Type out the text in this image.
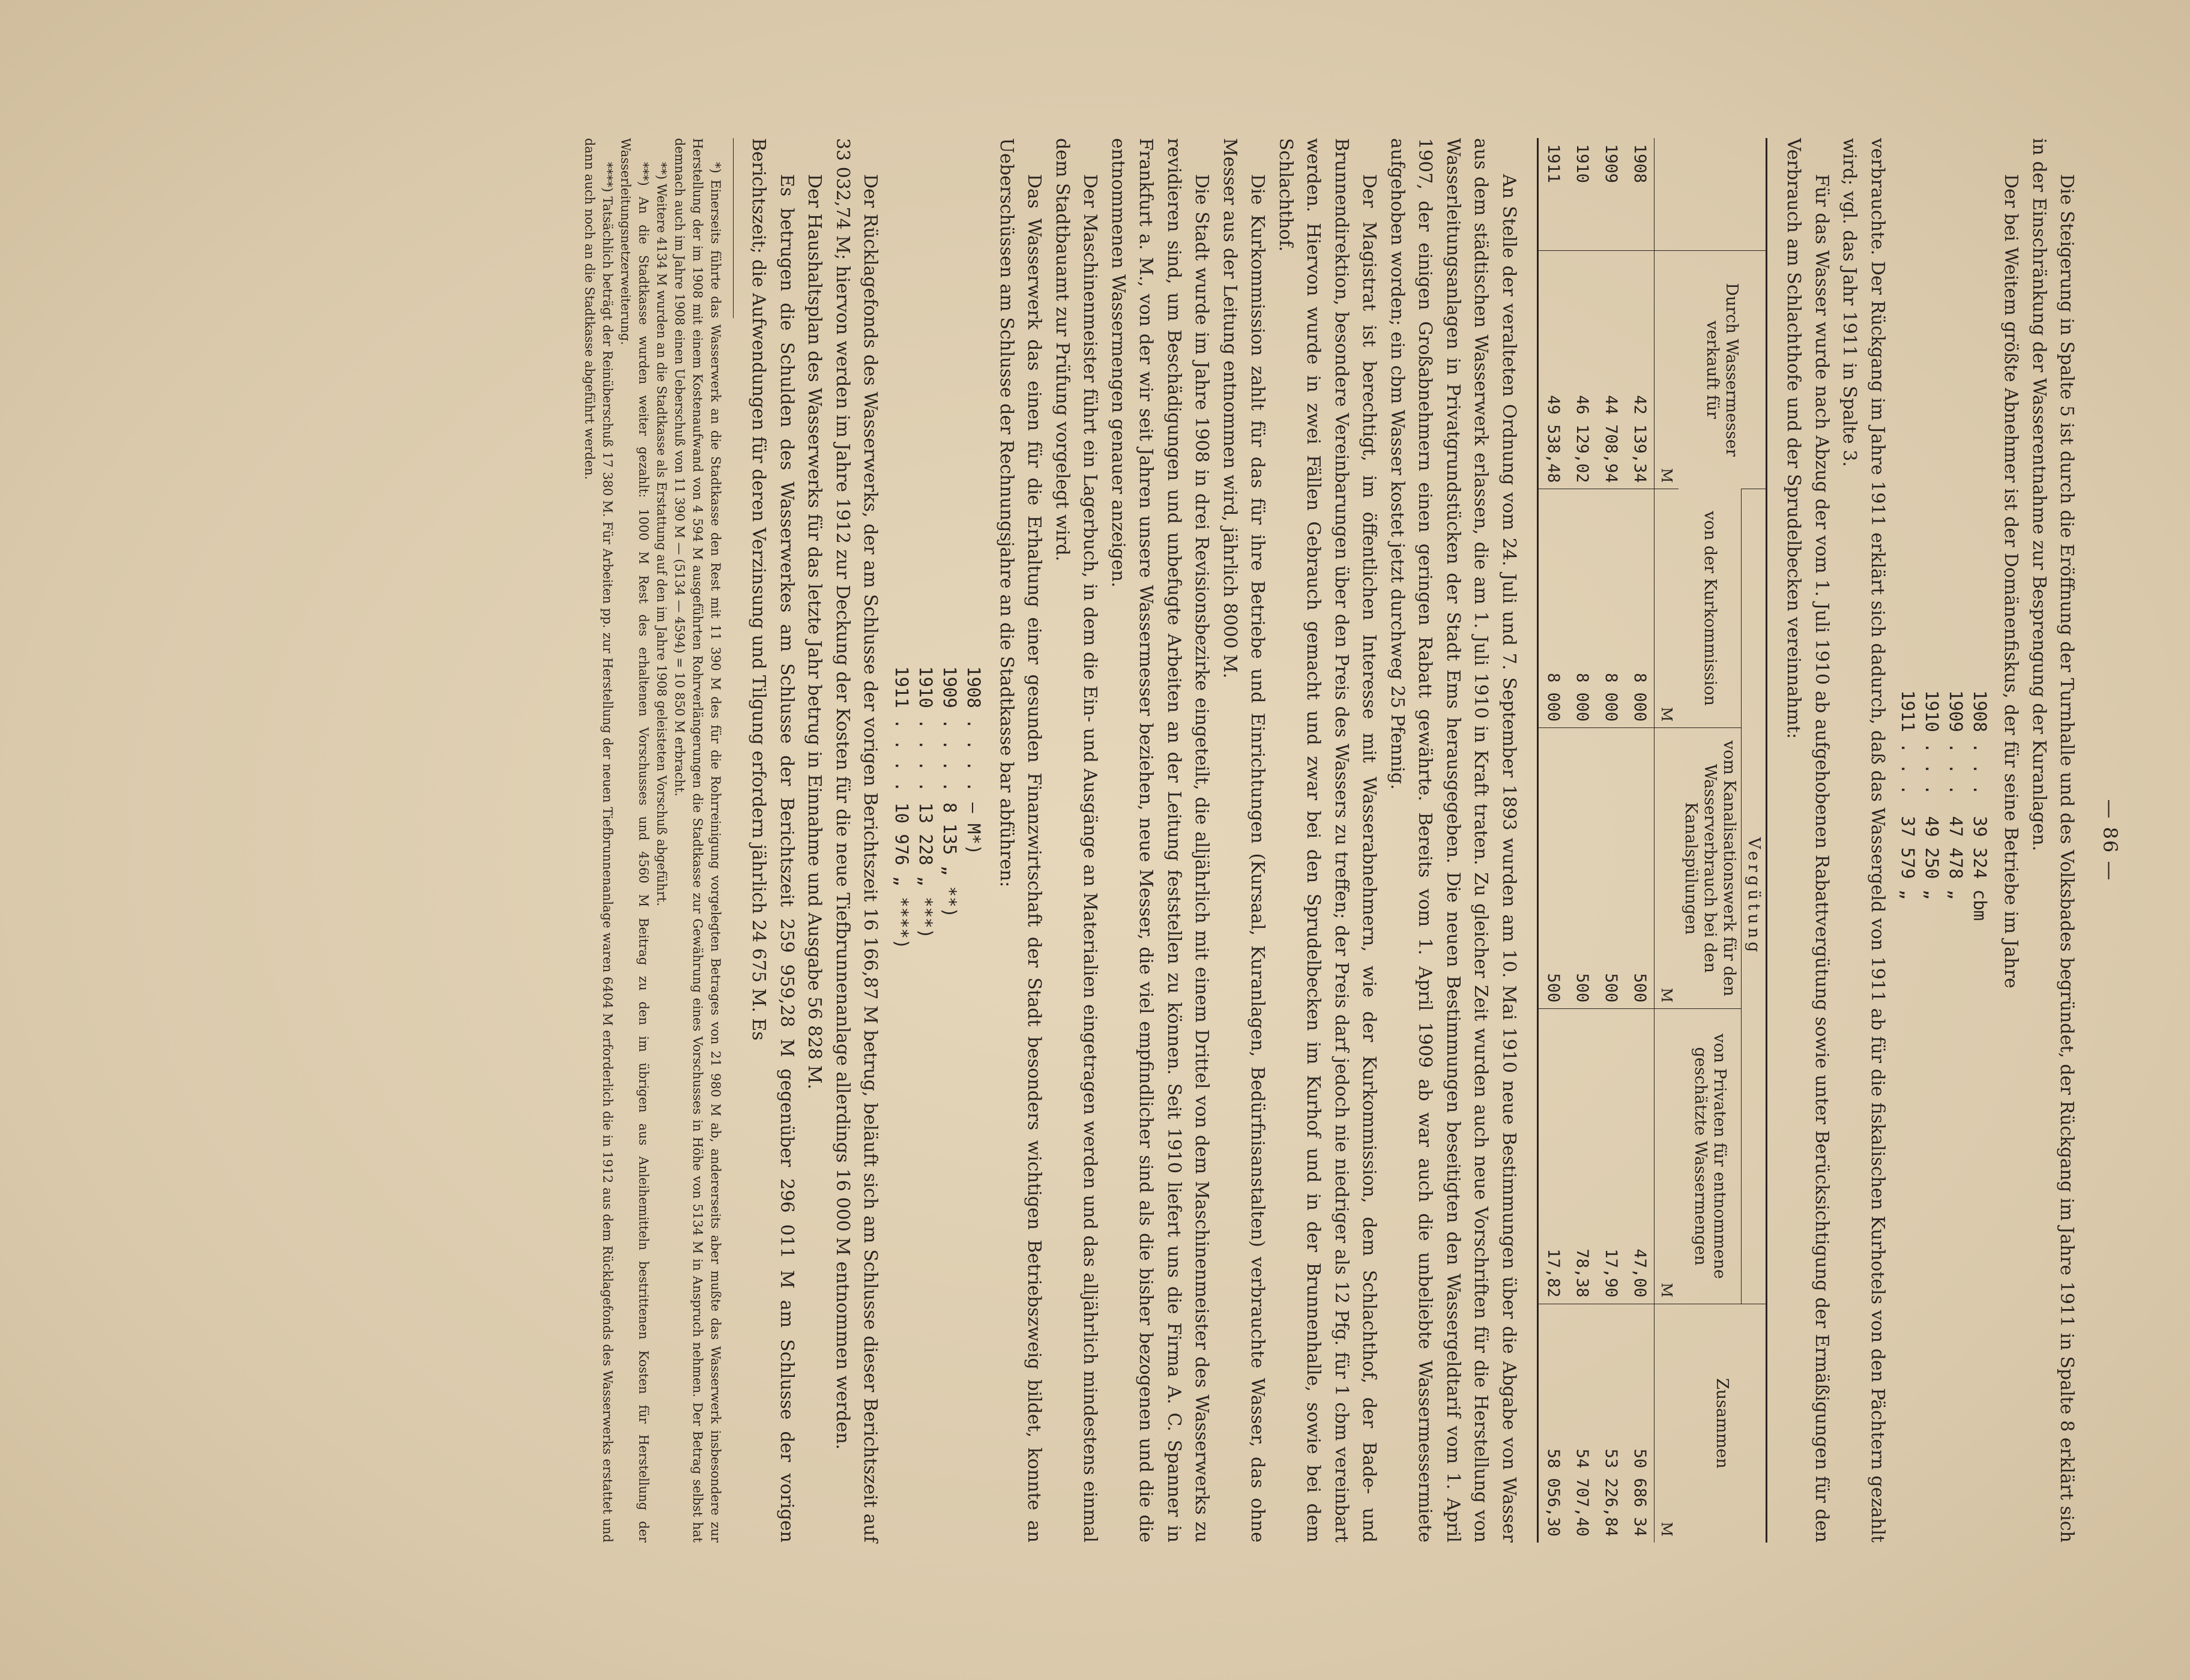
— 86 —

Die Steigerung in Spalte 5 ist durch die Eröffnung der Turnhalle und des Volksbades begründet, der Rückgang im Jahre 1911 in Spalte 8 erklärt sich in der Einschränkung der Wasserentnahme zur Besprengung der Kuranlagen.

Der bei Weitem größte Abnehmer ist der Domänenfiskus, der für seine Betriebe im Jahre

1908 . . .  39 324 cbm
1909 . . .  47 478 „
1910 . . .  49 250 „
1911 . . .  37 579 „

verbrauchte. Der Rückgang im Jahre 1911 erklärt sich dadurch, daß das Wassergeld von 1911 ab für die fiskalischen Kurhotels von den Pächtern gezahlt wird; vgl. das Jahr 1911 in Spalte 3.

Für das Wasser wurde nach Abzug der vom 1. Juli 1910 ab aufgehobenen Rabattvergütung sowie unter Berücksichtigung der Ermäßigungen für den Verbrauch am Schlachthofe und der Sprudelbecken vereinnahmt:

	Durch Wassermesser verkauft für	Vergütung			Zusammen
		von der Kurkommission	vom Kanalisationswerk für den Wasserverbrauch bei den Kanalspülungen	von Privaten für entnommene geschätzte Wassermengen	
	M	M	M	M	M
1908	42 139,34	8 000	500	47,00	50 686 34
1909	44 708,94	8 000	500	17,90	53 226,84
1910	46 129,02	8 000	500	78,38	54 707,40
1911	49 538,48	8 000	500	17,82	58 056,30

An Stelle der veralteten Ordnung vom 24. Juli und 7. September 1893 wurden am 10. Mai 1910 neue Bestimmungen über die Abgabe von Wasser aus dem städtischen Wasserwerk erlassen, die am 1. Juli 1910 in Kraft traten. Zu gleicher Zeit wurden auch neue Vorschriften für die Herstellung von Wasserleitungsanlagen in Privatgrundstücken der Stadt Ems herausgegeben. Die neuen Bestimmungen beseitigten den Wassergeldtarif vom 1. April 1907, der einigen Großabnehmern einen geringen Rabatt gewährte. Bereits vom 1. April 1909 ab war auch die unbeliebte Wassermessermiete aufgehoben worden; ein cbm Wasser kostet jetzt durchweg 25 Pfennig.

Der Magistrat ist berechtigt, im öffentlichen Interesse mit Wasserabnehmern, wie der Kurkommission, dem Schlachthof, der Bade- und Brunnendirektion, besondere Vereinbarungen über den Preis des Wassers zu treffen; der Preis darf jedoch nie niedriger als 12 Pfg. für 1 cbm vereinbart werden. Hiervon wurde in zwei Fällen Gebrauch gemacht und zwar bei den Sprudelbecken im Kurhof und in der Brunnenhalle, sowie bei dem Schlachthof.

Die Kurkommission zahlt für das für ihre Betriebe und Einrichtungen (Kursaal, Kuranlagen, Bedürfnisanstalten) verbrauchte Wasser, das ohne Messer aus der Leitung entnommen wird, jährlich 8000 M.

Die Stadt wurde im Jahre 1908 in drei Revisionsbezirke eingeteilt, die alljährlich mit einem Drittel von dem Maschinenmeister des Wasserwerks zu revidieren sind, um Beschädigungen und unbefugte Arbeiten an der Leitung feststellen zu können. Seit 1910 liefert uns die Firma A. C. Spanner in Frankfurt a. M., von der wir seit Jahren unsere Wassermesser beziehen, neue Messer, die viel empfindlicher sind als die bisher bezogenen und die die entnommenen Wassermengen genauer anzeigen.

Der Maschinenmeister führt ein Lagerbuch, in dem die Ein- und Ausgänge an Materialien eingetragen werden und das alljährlich mindestens einmal dem Stadtbauamt zur Prüfung vorgelegt wird.

Das Wasserwerk das einen für die Erhaltung einer gesunden Finanzwirtschaft der Stadt besonders wichtigen Betriebszweig bildet, konnte an Ueberschüssen am Schlusse der Rechnungsjahre an die Stadtkasse bar abführen:

1908 . . . . — M*)
1909 . . . . 8 135 „ **)
1910 . . . . 13 228 „ ***)
1911 . . . . 10 976 „ ****)

Der Rücklagefonds des Wasserwerks, der am Schlusse der vorigen Berichtszeit 16 166,87 M betrug, beläuft sich am Schlusse dieser Berichtszeit auf 33 032,74 M; hiervon werden im Jahre 1912 zur Deckung der Kosten für die neue Tiefbrunnenanlage allerdings 16 000 M entnommen werden.

Der Haushaltsplan des Wasserwerks für das letzte Jahr betrug in Einnahme und Ausgabe 56 828 M.

Es betrugen die Schulden des Wasserwerkes am Schlusse der Berichtszeit 259 959,28 M gegenüber 296 011 M am Schlusse der vorigen Berichtszeit; die Aufwendungen für deren Verzinsung und Tilgung erfordern jährlich 24 675 M. Es

*) Einerseits führte das Wasserwerk an die Stadtkasse den Rest mit 11 390 M des für die Rohrreinigung vorgelegten Betrages von 21 980 M ab, andererseits aber mußte das Wasserwerk insbesondere zur Herstellung der im 1908 mit einem Kostenaufwand von 4 594 M ausgeführten Rohrverlängerungen die Stadtkasse zur Gewährung eines Vorschusses in Höhe von 5134 M in Anspruch nehmen. Der Betrag selbst hat demnach auch im Jahre 1908 einen Ueberschuß von 11 390 M — (5134 — 4594) = 10 850 M erbracht.

**) Weitere 4134 M wurden an die Stadtkasse als Erstattung auf den im Jahre 1908 geleisteten Vorschuß abgeführt.

***) An die Stadtkasse wurden weiter gezahlt: 1000 M Rest des erhaltenen Vorschusses und 4560 M Beitrag zu den im übrigen aus Anleihemitteln bestrittenen Kosten für Herstellung der Wasserleitungsnetzerweiterung.

****) Tatsächlich beträgt der Reinüberschuß 17 380 M. Für Arbeiten pp. zur Herstellung der neuen Tiefbrunnenanlage waren 6404 M erforderlich die in 1912 aus dem Rücklagefonds des Wasserwerks erstattet und dann auch noch an die Stadtkasse abgeführt werden.
